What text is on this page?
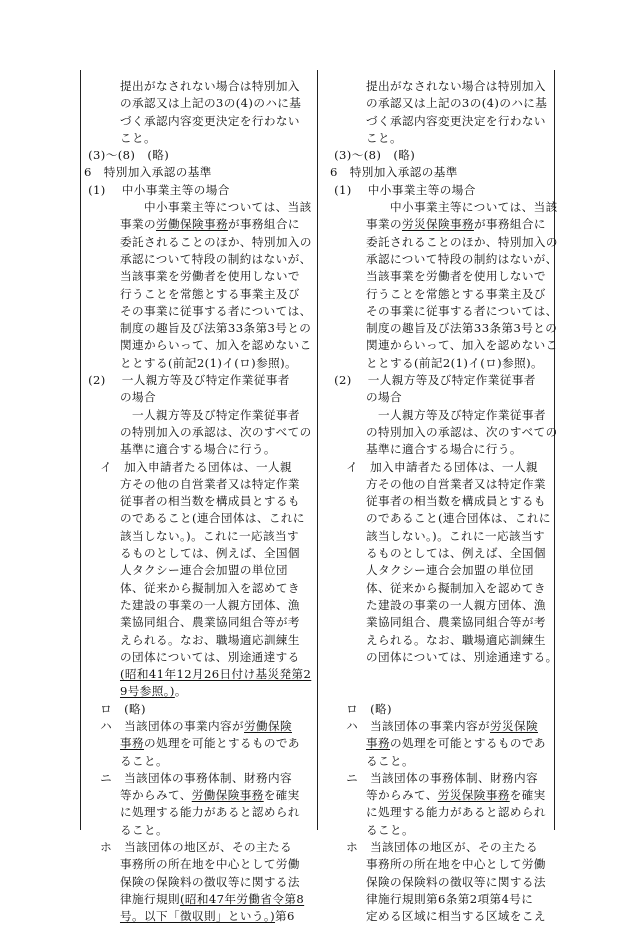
　　　提出がなされない場合は特別加入
　　　の承認又は上記の3の(4)のハに基
　　　づく承認内容変更決定を行わない
　　　こと。
(3)～(8)　(略)
6　特別加入承認の基準
(1)　 中小事業主等の場合
　　　　　中小事業主等については、当該
　　　事業の労働保険事務が事務組合に
　　　委託されることのほか、特別加入の
　　　承認について特段の制約はないが、
　　　当該事業を労働者を使用しないで
　　　行うことを常態とする事業主及び
　　　その事業に従事する者については、
　　　制度の趣旨及び法第33条第3号との
　　　関連からいって、加入を認めないこ
　　　ととする(前記2(1)イ(ロ)参照)。
(2)　 一人親方等及び特定作業従事者
　　　の場合
　　　　一人親方等及び特定作業従事者
　　　の特別加入の承認は、次のすべての
　　　基準に適合する場合に行う。
　 イ　加入申請者たる団体は、一人親
　　　方その他の自営業者又は特定作業
　　　従事者の相当数を構成員とするも
　　　のであること(連合団体は、これに
　　　該当しない。)。これに一応該当す
　　　るものとしては、例えば、全国個
　　　人タクシー連合会加盟の単位団
　　　体、従来から擬制加入を認めてき
　　　た建設の事業の一人親方団体、漁
　　　業協同組合、農業協同組合等が考
　　　えられる。なお、職場適応訓練生
　　　の団体については、別途通達する
　　　(昭和41年12月26日付け基災発第2
　　　9号参照。)。
　 ロ　(略)
　 ハ　当該団体の事業内容が労働保険
　　　事務の処理を可能とするものであ
　　　ること。
　 ニ　当該団体の事務体制、財務内容
　　　等からみて、労働保険事務を確実
　　　に処理する能力があると認められ
　　　ること。
　 ホ　当該団体の地区が、その主たる
　　　事務所の所在地を中心として労働
　　　保険の保険料の徴収等に関する法
　　　律施行規則(昭和47年労働省令第8
　　　号。以下「徴収則」という。)第6
　　　提出がなされない場合は特別加入
　　　の承認又は上記の3の(4)のハに基
　　　づく承認内容変更決定を行わない
　　　こと。
(3)～(8)　(略)
6　特別加入承認の基準
(1)　 中小事業主等の場合
　　　　　中小事業主等については、当該
　　　事業の労災保険事務が事務組合に
　　　委託されることのほか、特別加入の
　　　承認について特段の制約はないが、
　　　当該事業を労働者を使用しないで
　　　行うことを常態とする事業主及び
　　　その事業に従事する者については、
　　　制度の趣旨及び法第33条第3号との
　　　関連からいって、加入を認めないこ
　　　ととする(前記2(1)イ(ロ)参照)。
(2)　 一人親方等及び特定作業従事者
　　　の場合
　　　　一人親方等及び特定作業従事者
　　　の特別加入の承認は、次のすべての
　　　基準に適合する場合に行う。
　 イ　加入申請者たる団体は、一人親
　　　方その他の自営業者又は特定作業
　　　従事者の相当数を構成員とするも
　　　のであること(連合団体は、これに
　　　該当しない。)。これに一応該当す
　　　るものとしては、例えば、全国個
　　　人タクシー連合会加盟の単位団
　　　体、従来から擬制加入を認めてき
　　　た建設の事業の一人親方団体、漁
　　　業協同組合、農業協同組合等が考
　　　えられる。なお、職場適応訓練生
　　　の団体については、別途通達する。
　 ロ　(略)
　 ハ　当該団体の事業内容が労災保険
　　　事務の処理を可能とするものであ
　　　ること。
　 ニ　当該団体の事務体制、財務内容
　　　等からみて、労災保険事務を確実
　　　に処理する能力があると認められ
　　　ること。
　 ホ　当該団体の地区が、その主たる
　　　事務所の所在地を中心として労働
　　　保険の保険料の徴収等に関する法
　　　律施行規則第6条第2項第4号に
　　　定める区域に相当する区域をこえ
